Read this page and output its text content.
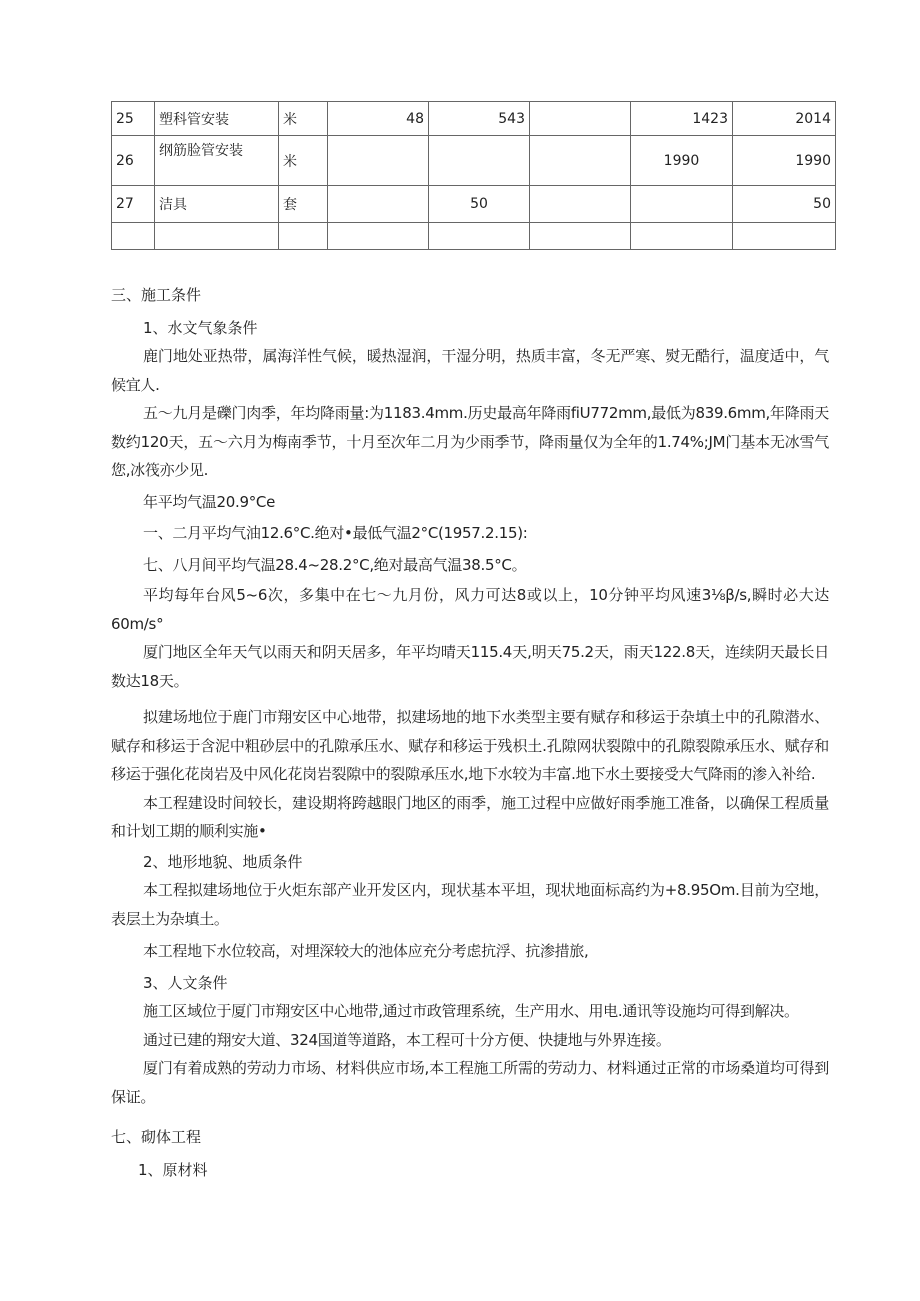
25	塑科管安装	米	48	543		1423	2014
26	纲筋脸管安装	米				1990	1990
27	洁具	套		50			50

三、施工条件
1、水文气象条件
鹿门地处亚热带，属海洋性气候，暖热湿润，干湿分明，热质丰富，冬无严寒、熨无酷行，温度适中，气候宜人.
五〜九月是礫门肉季，年均降雨量:为1183.4mm.历史最高年降雨fiU772mm,最低为839.6mm,年降雨天数约120天，五〜六月为梅南季节，十月至次年二月为少雨季节，降雨量仅为全年的1.74%;JM门基本无冰雪气您,冰筏亦少见.
年平均气温20.9°Ce
一、二月平均气油12.6°C.绝对•最低气温2°C(1957.2.15):
七、八月间平均气温28.4~28.2°C,绝对最高气温38.5°C。
平均每年台风5~6次，多集中在七〜九月份，风力可达8或以上，10分钟平均风速3⅛β/s,瞬时必大达60m∕s°
厦门地区全年天气以雨天和阴天居多，年平均晴天115.4天,明天75.2天，雨天122.8天，连续阴天最长日数达18天。
拟建场地位于鹿门市翔安区中心地带，拟建场地的地下水类型主要有赋存和移运于杂填土中的孔隙潜水、赋存和移运于含泥中粗砂层中的孔隙承压水、赋存和移运于残枳土.孔隙网状裂隙中的孔隙裂隙承压水、赋存和移运于强化花岗岩及中风化花岗岩裂隙中的裂隙承压水,地下水较为丰富.地下水土要接受大气降雨的渗入补给.
本工程建设时间较长，建设期将跨越眼门地区的雨季，施工过程中应做好雨季施工准备，以确保工程质量和计划工期的顺利实施•
2、地形地貌、地质条件
本工程拟建场地位于火炬东部产业开发区内，现状基本平坦，现状地面标高约为+8.95Om.目前为空地，表层土为杂填土。
本工程地下水位较高，对埋深较大的池体应充分考虑抗浮、抗渗措旅,
3、人文条件
施工区域位于厦门市翔安区中心地带,通过市政管理系统，生产用水、用电.通讯等设施均可得到解决。
通过已建的翔安大道、324国道等道路，本工程可十分方便、快捷地与外界连接。
厦门有着成熟的劳动力市场、材料供应市场,本工程施工所需的劳动力、材料通过正常的市场桑道均可得到保证。
七、砌体工程
1、原材料
